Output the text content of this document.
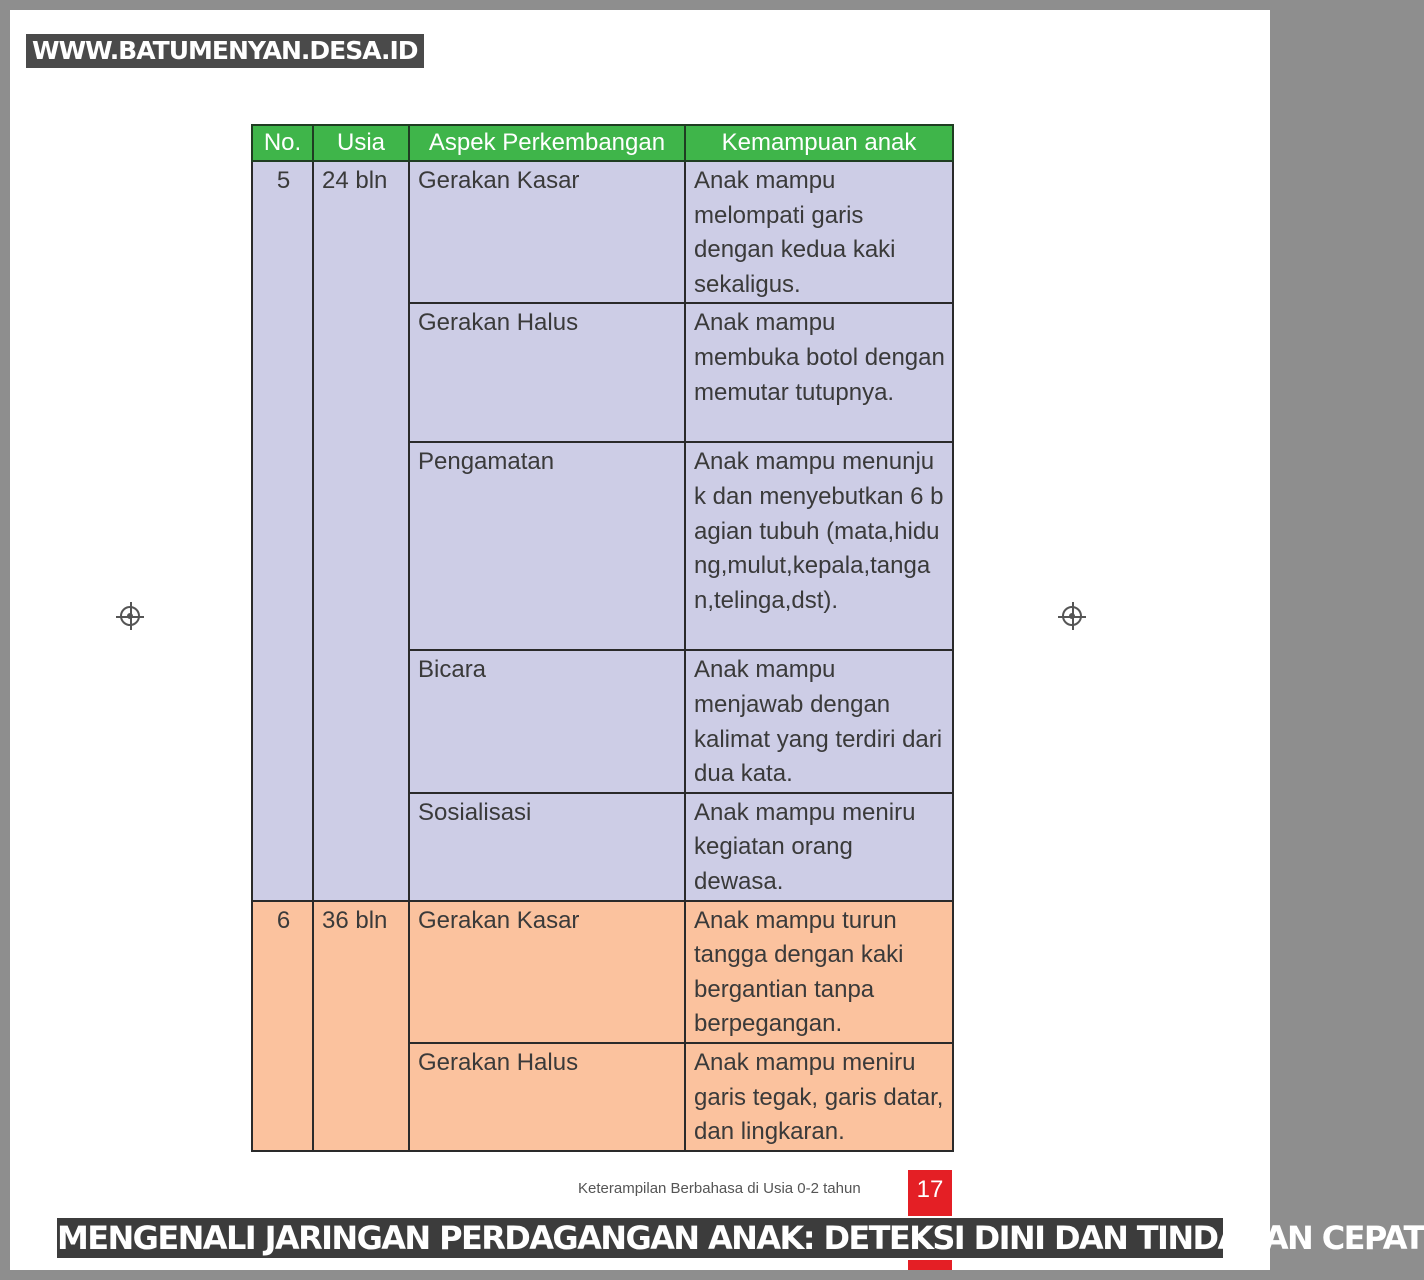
WWW.BATUMENYAN.DESA.ID
No.	Usia	Aspek Perkembangan	Kemampuan anak
5	24 bln	Gerakan Kasar	Anak mampu melompati garis dengan kedua kaki sekaligus.
		Gerakan Halus	Anak mampu membuka botol dengan memutar tutupnya.
		Pengamatan	Anak mampu menunjuk dan menyebutkan 6 bagian tubuh (mata,hidung,mulut,kepala,tangan,telinga,dst).
		Bicara	Anak mampu menjawab dengan kalimat yang terdiri dari dua kata.
		Sosialisasi	Anak mampu meniru kegiatan orang dewasa.
6	36 bln	Gerakan Kasar	Anak mampu turun tangga dengan kaki bergantian tanpa berpegangan.
		Gerakan Halus	Anak mampu meniru garis tegak, garis datar, dan lingkaran.
Keterampilan Berbahasa di Usia 0-2 tahun	17
MENGENALI JARINGAN PERDAGANGAN ANAK: DETEKSI DINI DAN TINDAKAN CEPAT
